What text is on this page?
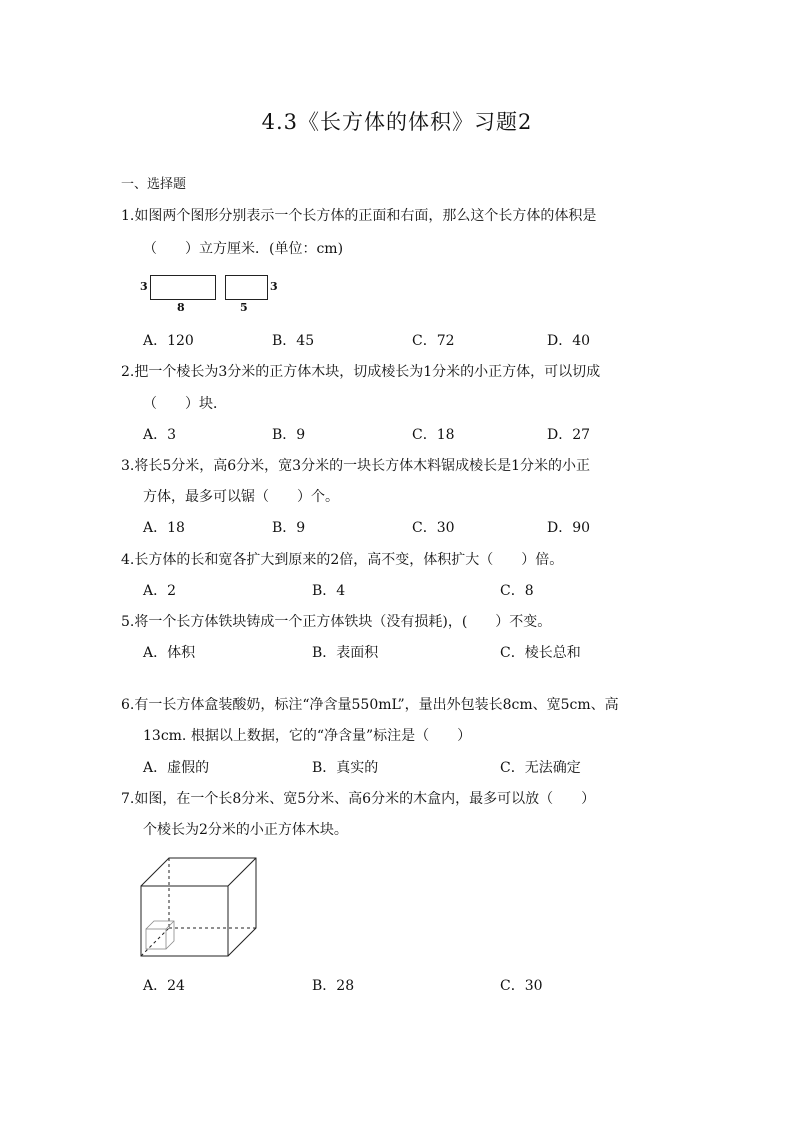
4.3《长方体的体积》习题2
一、选择题
1.如图两个图形分别表示一个长方体的正面和右面，那么这个长方体的体积是
（　　）立方厘米．(单位：cm)
3
8
3
5
A．120	B．45	C．72	D．40
2.把一个棱长为3分米的正方体木块，切成棱长为1分米的小正方体，可以切成
（　　）块．
A．3	B．9	C．18	D．27
3.将长5分米，高6分米，宽3分米的一块长方体木料锯成棱长是1分米的小正
方体，最多可以锯（　　）个。
A．18	B．9	C．30	D．90
4.长方体的长和宽各扩大到原来的2倍，高不变，体积扩大（　　）倍。
A．2	B．4	C．8
5.将一个长方体铁块铸成一个正方体铁块（没有损耗)，(　　）不变。
A．体积	B．表面积	C．棱长总和
6.有一长方体盒装酸奶，标注“净含量550mL”，量出外包装长8cm、宽5cm、高
13cm. 根据以上数据，它的“净含量”标注是（　　）
A．虚假的	B．真实的	C．无法确定
7.如图，在一个长8分米、宽5分米、高6分米的木盒内，最多可以放（　　）
个棱长为2分米的小正方体木块。
A．24	B．28	C．30
